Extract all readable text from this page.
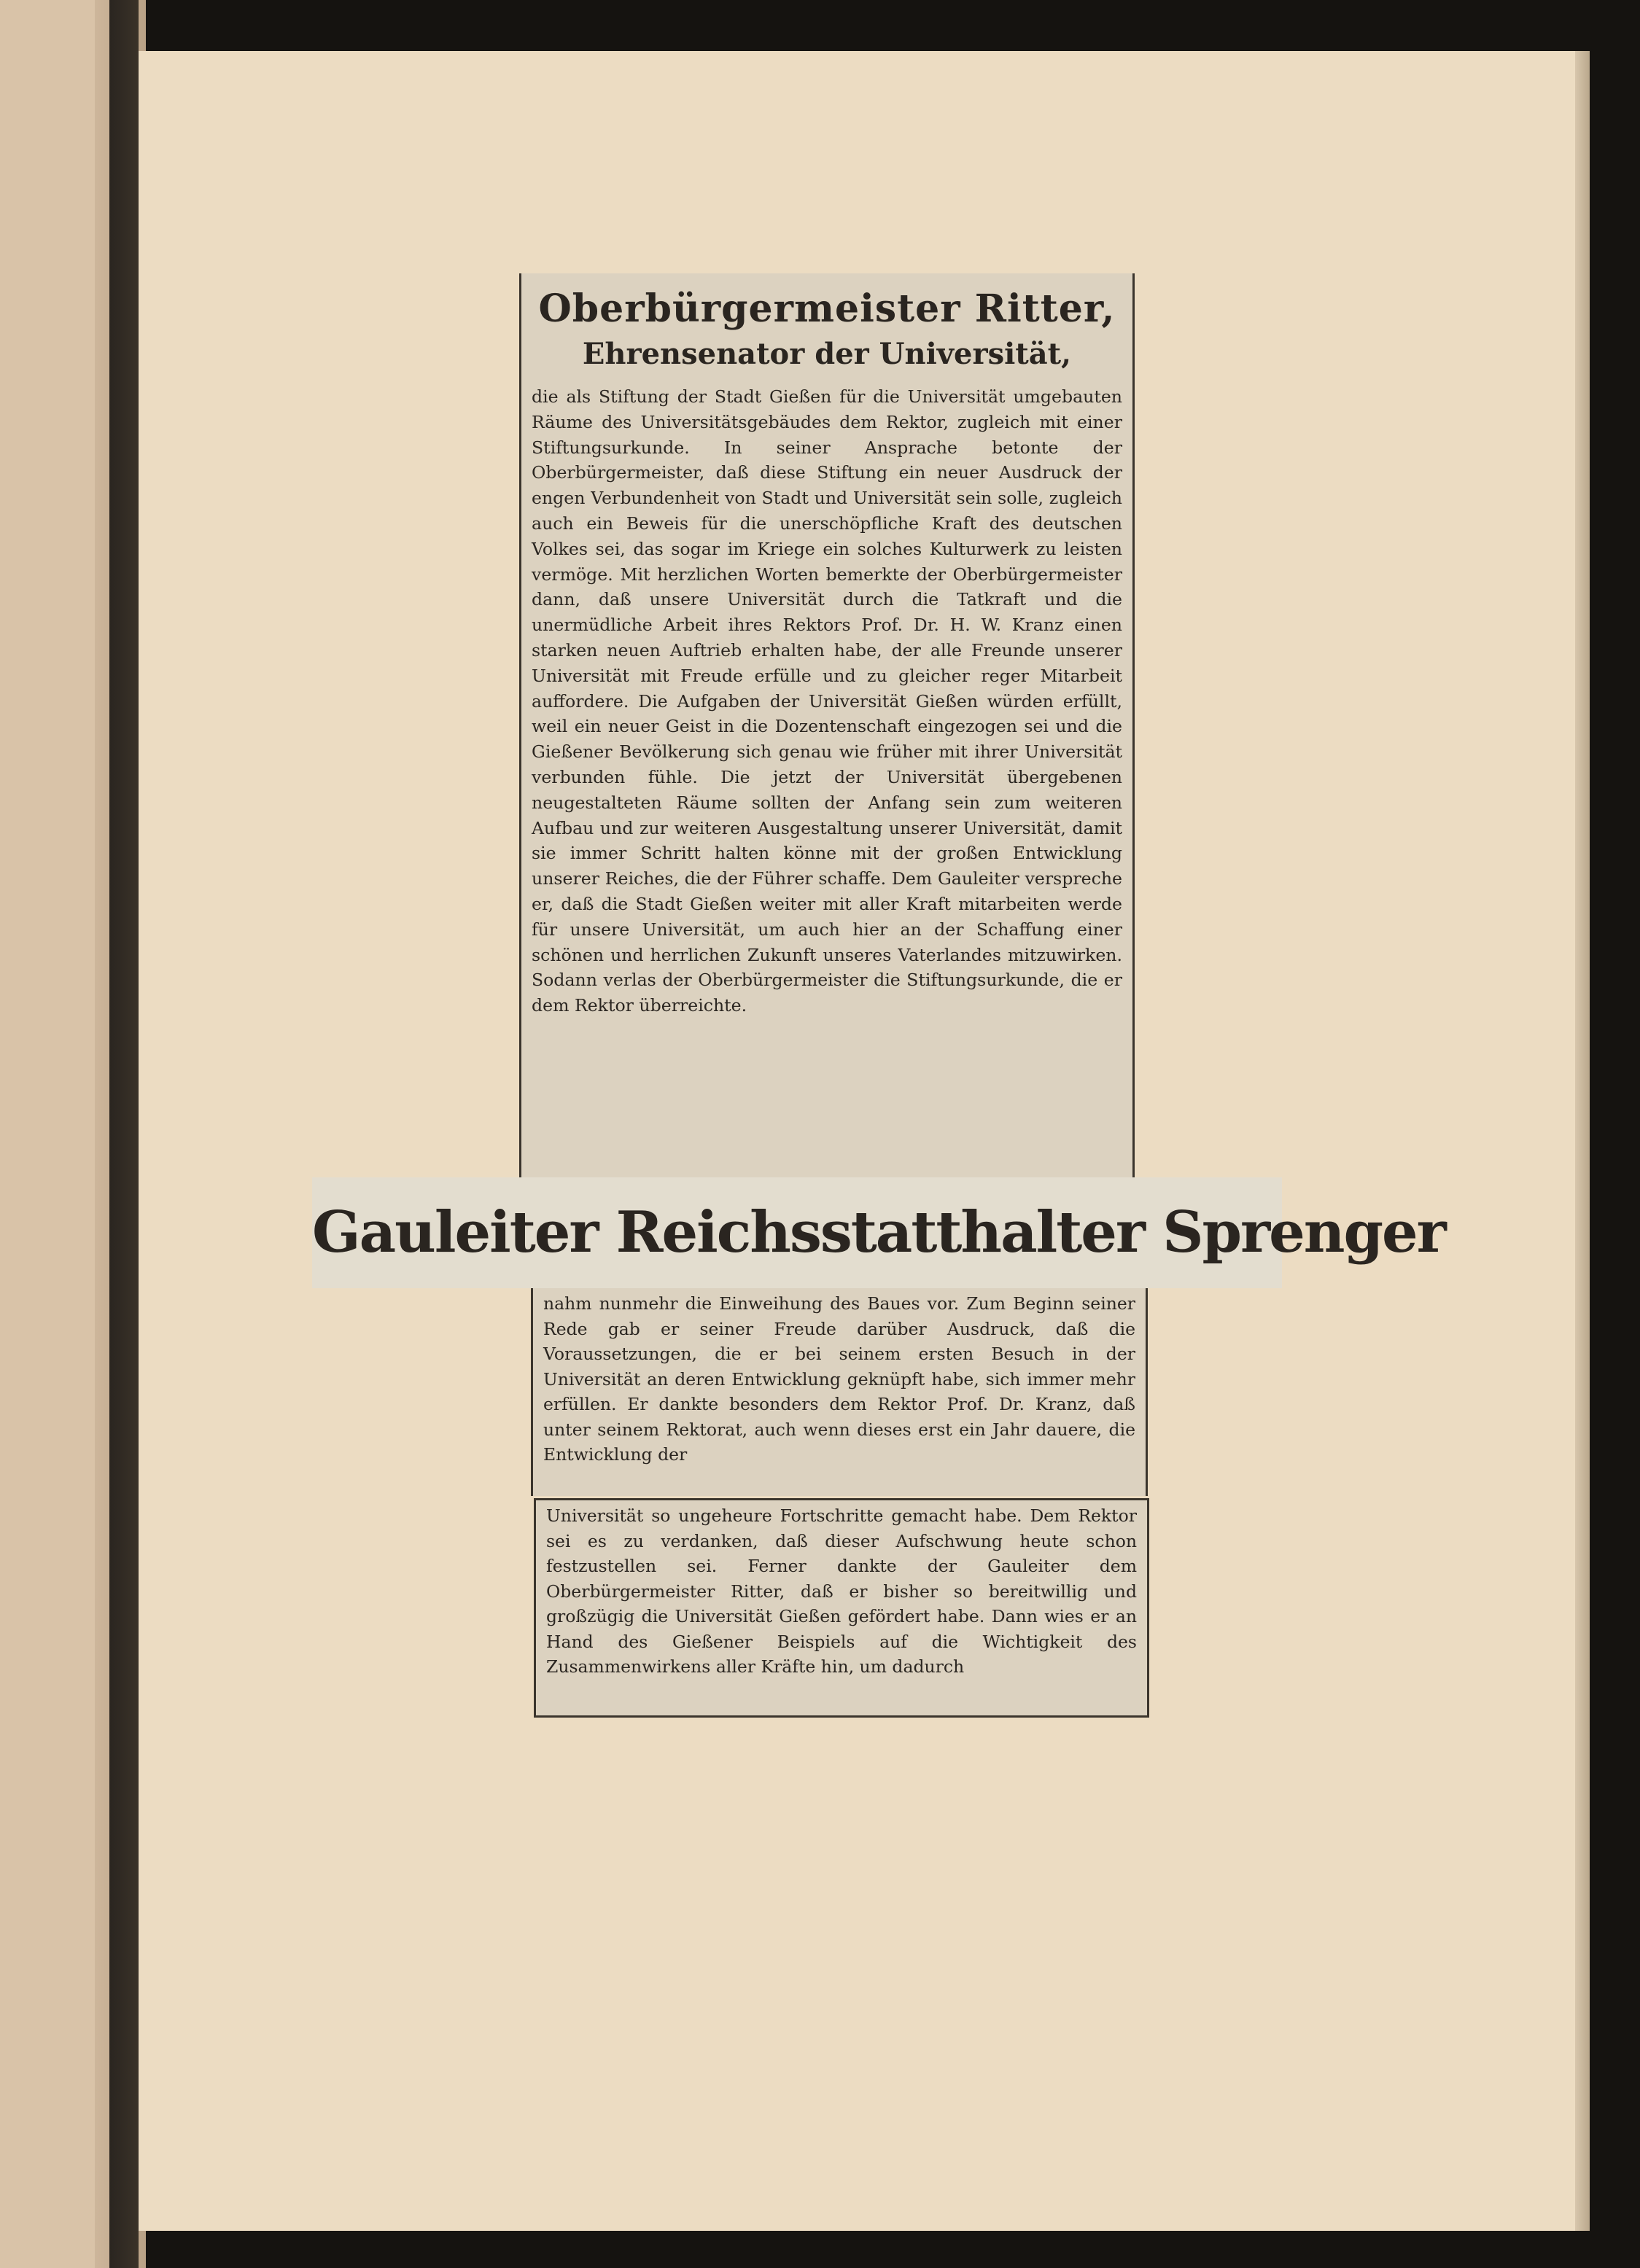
Oberbürgermeister Ritter,
Ehrensenator der Universität,
die als Stiftung der Stadt Gießen für die Universität umgebauten Räume des Universitätsgebäudes dem Rektor, zugleich mit einer Stiftungsurkunde. In seiner Ansprache betonte der Oberbürgermeister, daß diese Stiftung ein neuer Ausdruck der engen Verbundenheit von Stadt und Universität sein solle, zugleich auch ein Beweis für die unerschöpfliche Kraft des deutschen Volkes sei, das sogar im Kriege ein solches Kulturwerk zu leisten vermöge. Mit herzlichen Worten bemerkte der Oberbürgermeister dann, daß unsere Universität durch die Tatkraft und die unermüdliche Arbeit ihres Rektors Prof. Dr. H. W. Kranz einen starken neuen Auftrieb erhalten habe, der alle Freunde unserer Universität mit Freude erfülle und zu gleicher reger Mitarbeit auffordere. Die Aufgaben der Universität Gießen würden erfüllt, weil ein neuer Geist in die Dozentenschaft eingezogen sei und die Gießener Bevölkerung sich genau wie früher mit ihrer Universität verbunden fühle. Die jetzt der Universität übergebenen neugestalteten Räume sollten der Anfang sein zum weiteren Aufbau und zur weiteren Ausgestaltung unserer Universität, damit sie immer Schritt halten könne mit der großen Entwicklung unserer Reiches, die der Führer schaffe. Dem Gauleiter verspreche er, daß die Stadt Gießen weiter mit aller Kraft mitarbeiten werde für unsere Universität, um auch hier an der Schaffung einer schönen und herrlichen Zukunft unseres Vaterlandes mitzuwirken. Sodann verlas der Oberbürgermeister die Stiftungsurkunde, die er dem Rektor überreichte.
Gauleiter Reichsstatthalter Sprenger
nahm nunmehr die Einweihung des Baues vor. Zum Beginn seiner Rede gab er seiner Freude darüber Ausdruck, daß die Voraussetzungen, die er bei seinem ersten Besuch in der Universität an deren Entwicklung geknüpft habe, sich immer mehr erfüllen. Er dankte besonders dem Rektor Prof. Dr. Kranz, daß unter seinem Rektorat, auch wenn dieses erst ein Jahr dauere, die Entwicklung der
Universität so ungeheure Fortschritte gemacht habe. Dem Rektor sei es zu verdanken, daß dieser Aufschwung heute schon festzustellen sei. Ferner dankte der Gauleiter dem Oberbürgermeister Ritter, daß er bisher so bereitwillig und großzügig die Universität Gießen gefördert habe. Dann wies er an Hand des Gießener Beispiels auf die Wichtigkeit des Zusammenwirkens aller Kräfte hin, um dadurch
